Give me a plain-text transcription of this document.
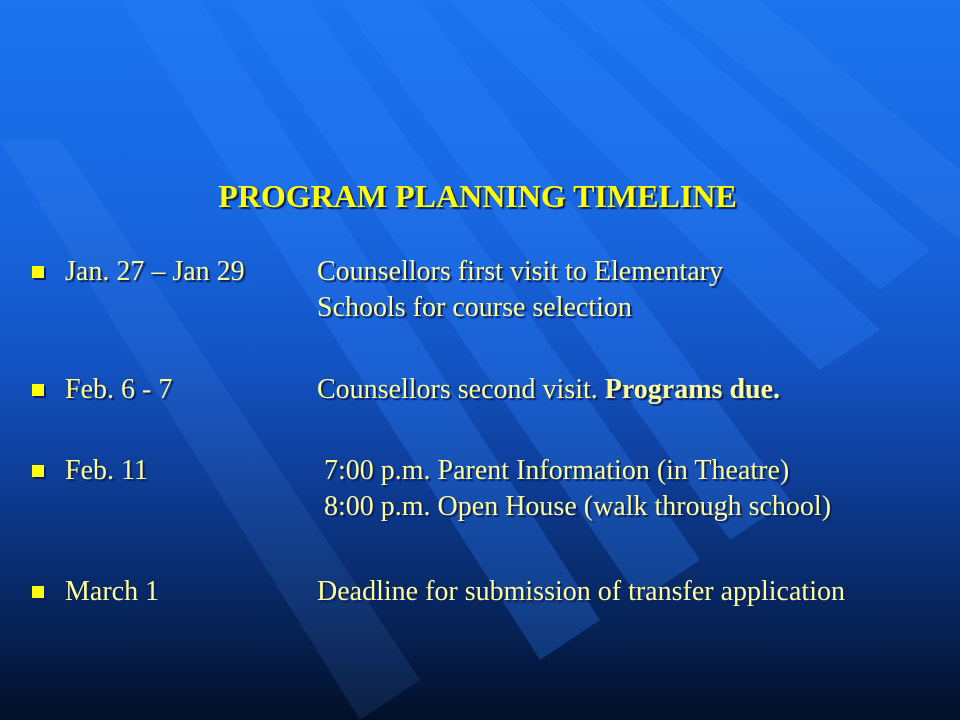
PROGRAM PLANNING TIMELINE
Jan. 27 – Jan 29	Counsellors first visit to Elementary
Schools for course selection
Feb. 6 - 7	Counsellors second visit. Programs due.
Feb. 11	7:00 p.m. Parent Information (in Theatre)
8:00 p.m. Open House (walk through school)
March 1	Deadline for submission of transfer application
